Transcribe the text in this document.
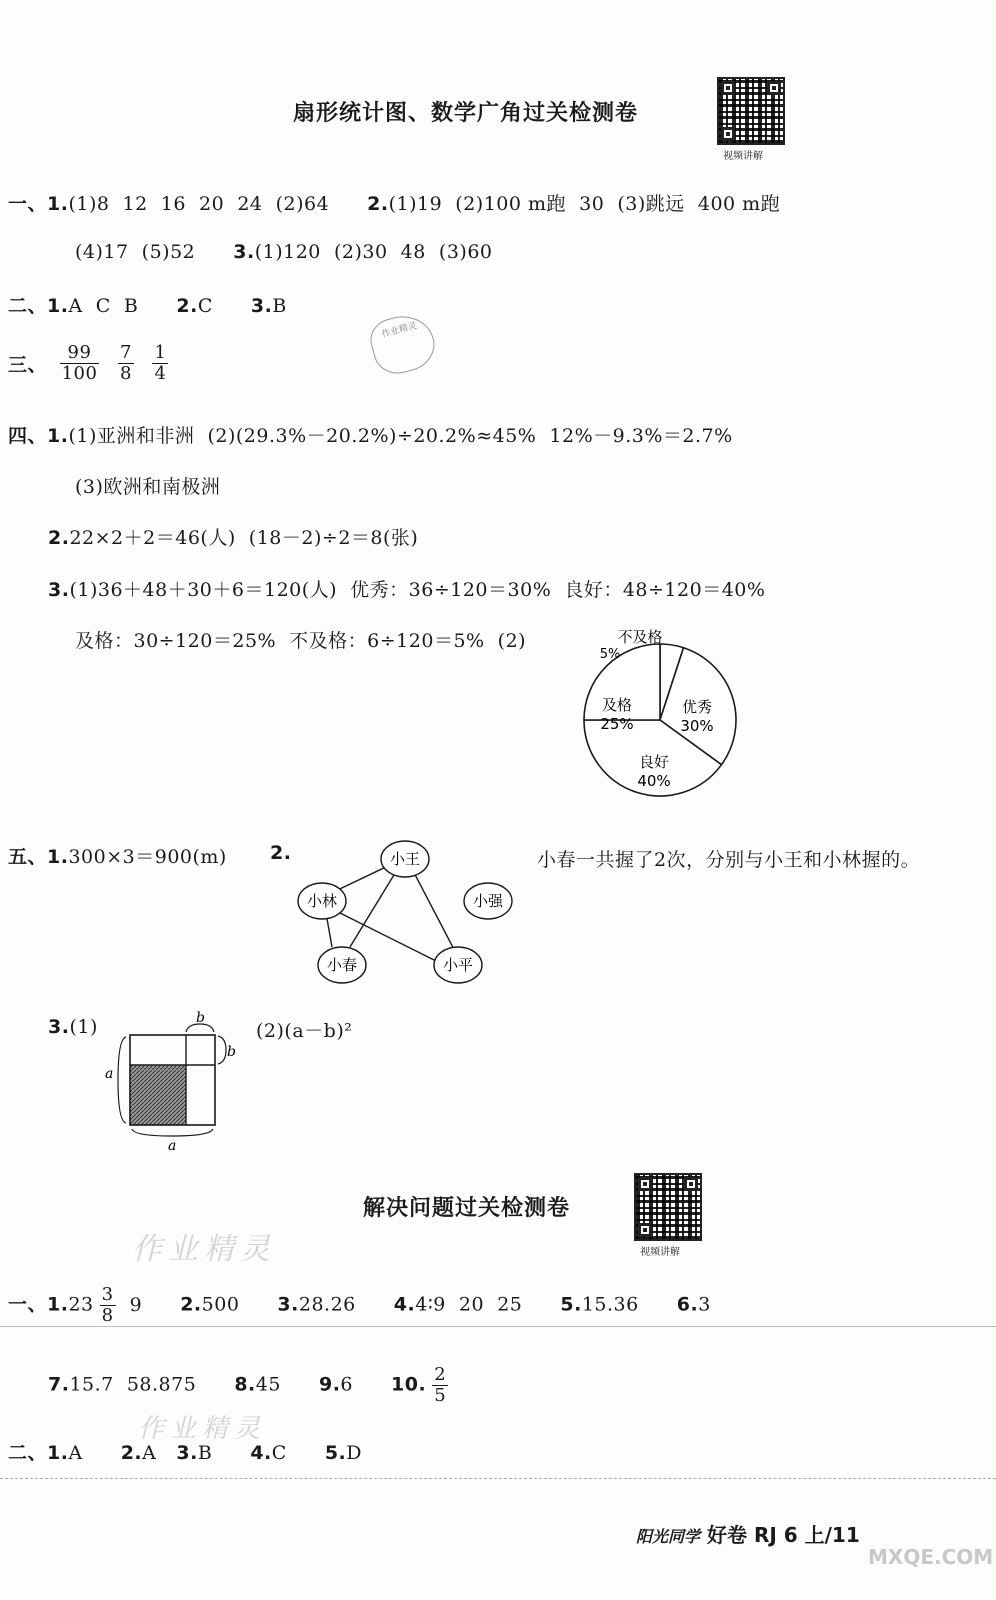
扇形统计图、数学广角过关检测卷
视频讲解
一、1.(1)8  12  16  20  24  (2)64 2.(1)19  (2)100 m跑  30  (3)跳远  400 m跑
(4)17  (5)52 3.(1)120  (2)30  48  (3)60
二、1.A  C  B 2.C 3.B
作业精灵
三、 $\frac{99}{100}$
$\frac{7}{8}$
$\frac{1}{4}$
四、1.(1)亚洲和非洲  (2)(29.3%－20.2%)÷20.2%≈45%  12%－9.3%＝2.7%
(3)欧洲和南极洲
2.22×2＋2＝46(人)  (18－2)÷2＝8(张)
3.(1)36＋48＋30＋6＝120(人)  优秀：36÷120＝30%  良好：48÷120＝40%
及格：30÷120＝25%  不及格：6÷120＝5%  (2)
优秀
30%
良好
40%
及格
25%
不及格
5%
五、1.300×3＝900(m) 2.	小王
小林	小强
小春	小平
小春一共握了2次，分别与小王和小林握的。
3.(1)	(2)(a－b)²
b
b
a
a
解决问题过关检测卷
视频讲解
作业精灵
一、$1.23 \frac{3}{8} 9$ 2.500 3.28.26 4.4∶9  20  25 5.15.36 6.3
7.15.7  58.875 8.45 9.6 10. $\frac{2}{5}$
作业精灵
二、1.A 2.A 3.B 4.C 5.D
阳光同学 好卷 RJ 6 上/11
MXQE.COM
